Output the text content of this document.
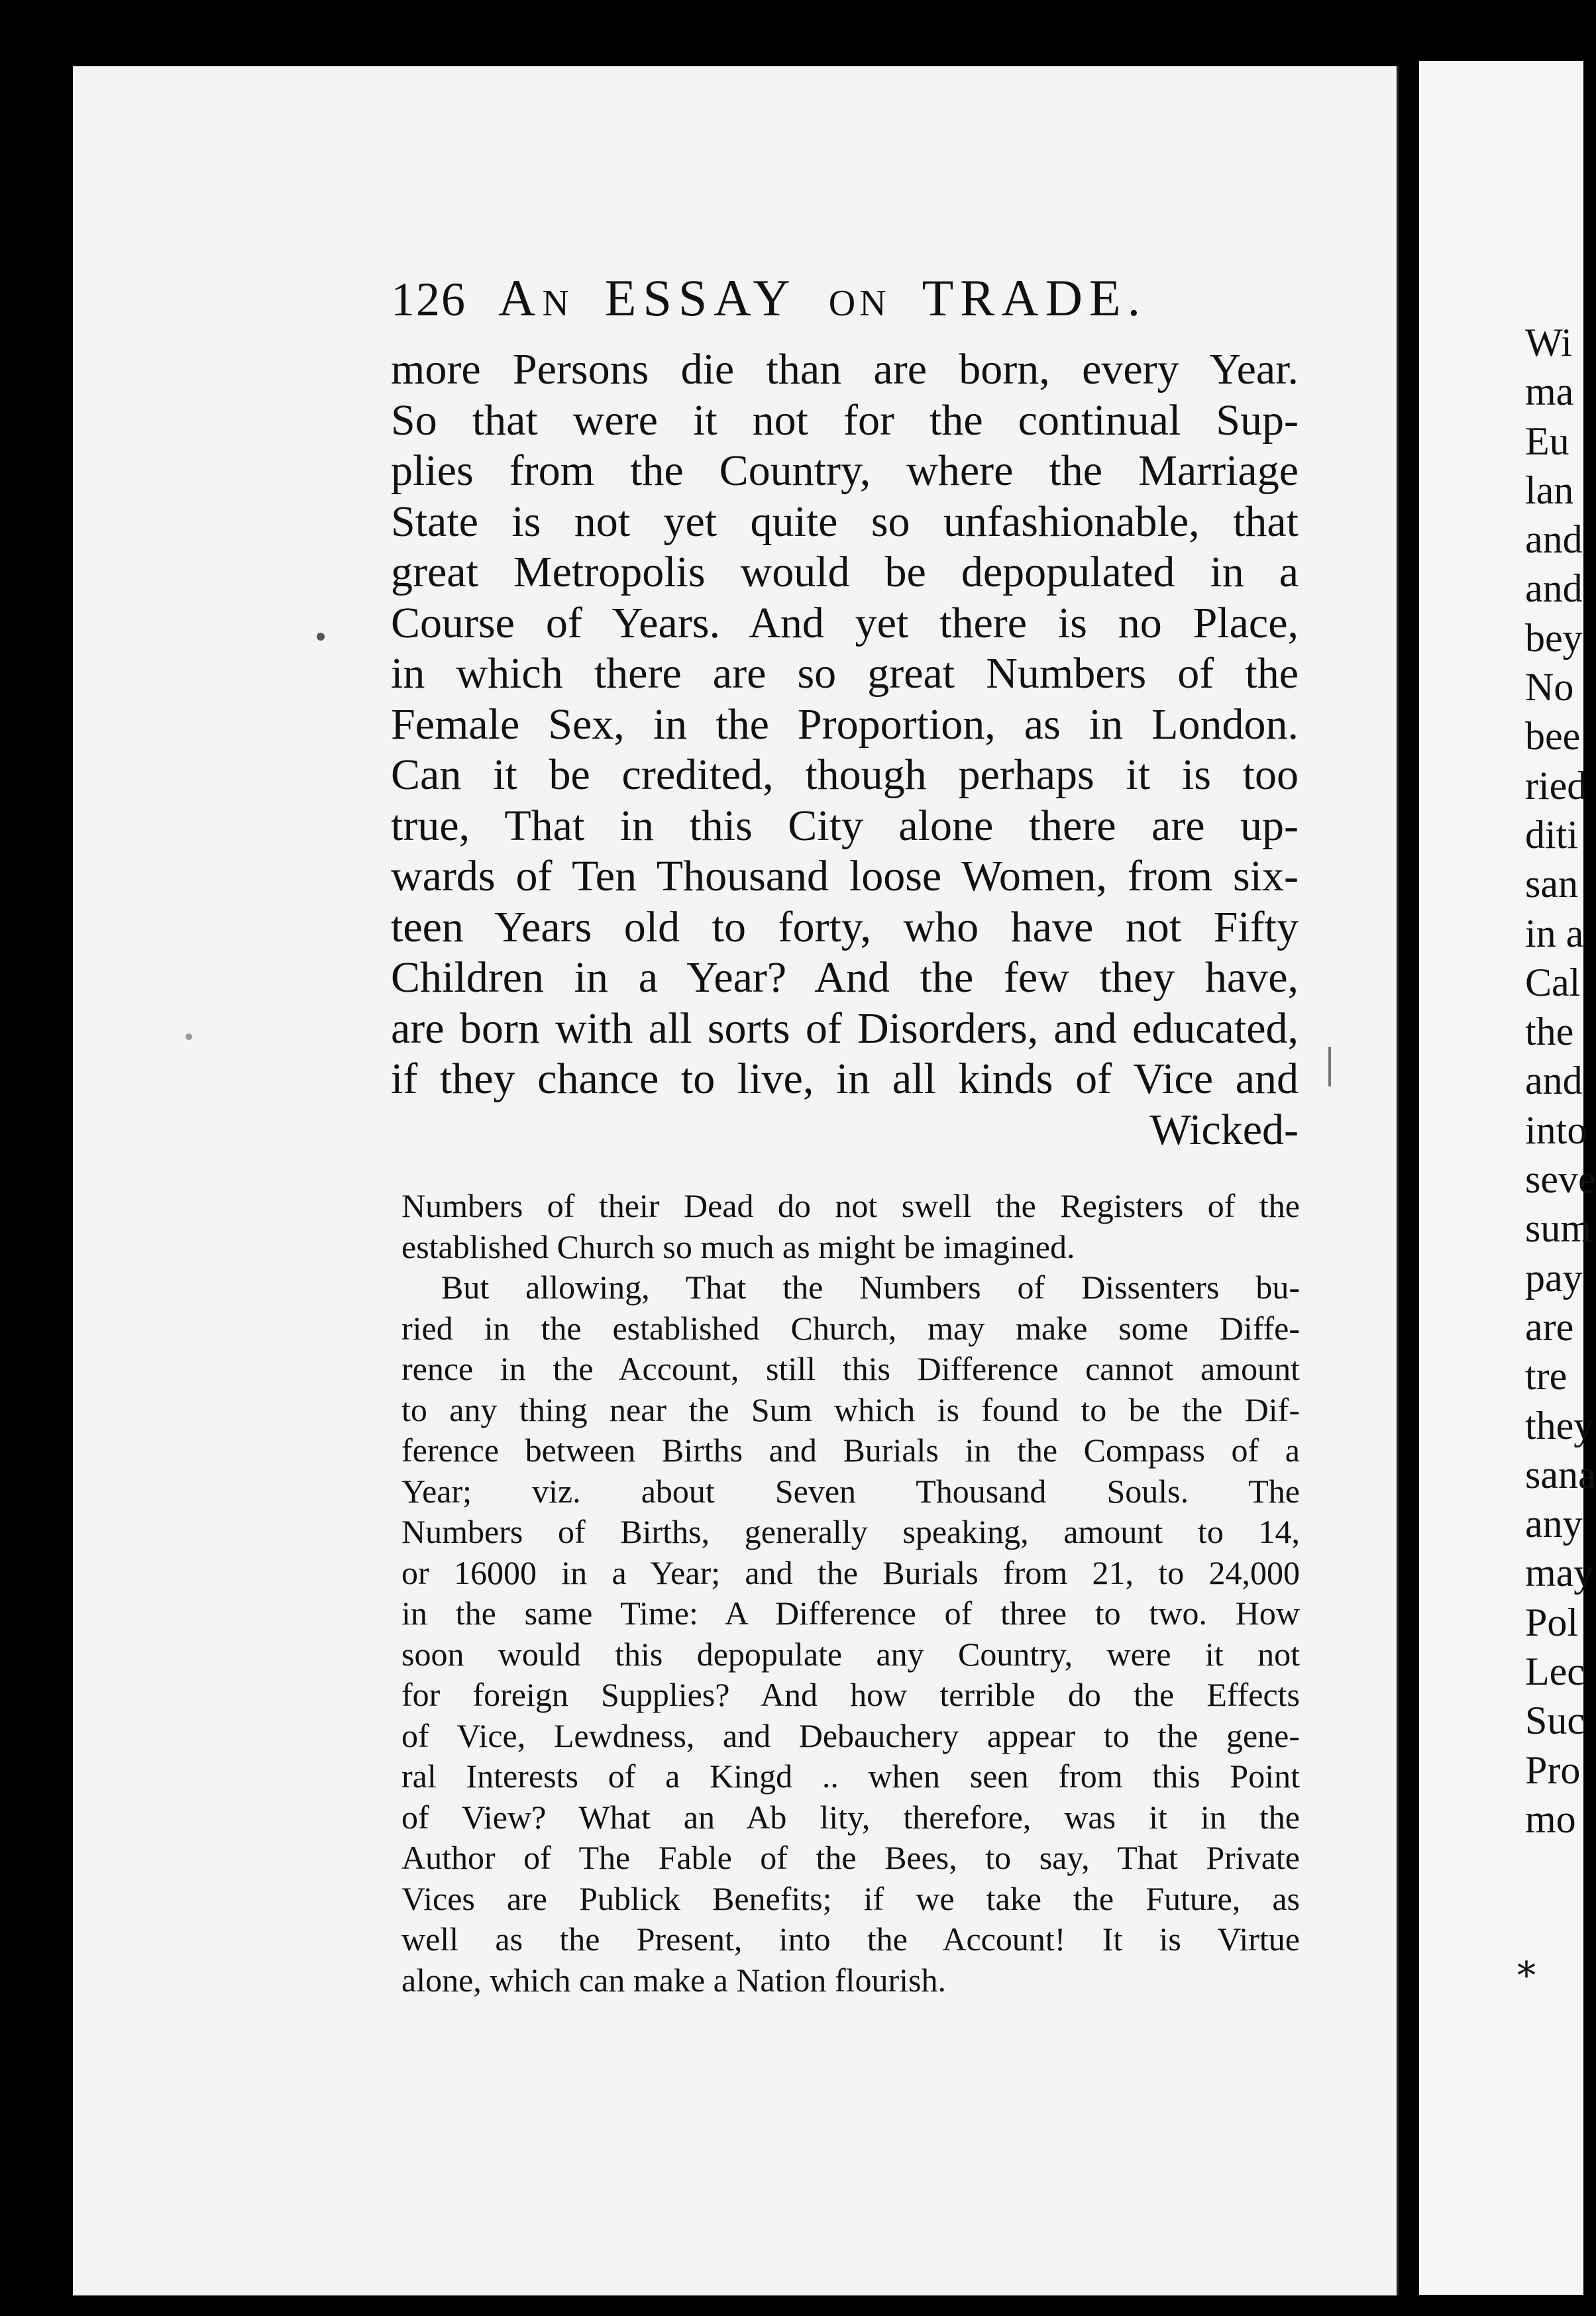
126 AN ESSAY ON TRADE.
more Persons die than are born, every Year.
So that were it not for the continual Sup-
plies from the Country, where the Marriage
State is not yet quite so unfashionable, that
great Metropolis would be depopulated in a
Course of Years. And yet there is no Place,
in which there are so great Numbers of the
Female Sex, in the Proportion, as in London.
Can it be credited, though perhaps it is too
true, That in this City alone there are up-
wards of Ten Thousand loose Women, from six-
teen Years old to forty, who have not Fifty
Children in a Year? And the few they have,
are born with all sorts of Disorders, and educated,
if they chance to live, in all kinds of Vice and
Wicked-
Numbers of their Dead do not swell the Registers of the
established Church so much as might be imagined.
But allowing, That the Numbers of Dissenters bu-
ried in the established Church, may make some Diffe-
rence in the Account, still this Difference cannot amount
to any thing near the Sum which is found to be the Dif-
ference between Births and Burials in the Compass of a
Year; viz. about Seven Thousand Souls. The
Numbers of Births, generally speaking, amount to 14,
or 16000 in a Year; and the Burials from 21, to 24,000
in the same Time: A Difference of three to two. How
soon would this depopulate any Country, were it not
for foreign Supplies? And how terrible do the Effects
of Vice, Lewdness, and Debauchery appear to the gene-
ral Interests of a Kingd .. when seen from this Point
of View? What an Ab lity, therefore, was it in the
Author of The Fable of the Bees, to say, That Private
Vices are Publick Benefits; if we take the Future, as
well as the Present, into the Account! It is Virtue
alone, which can make a Nation flourish.
Wi
ma
Eu
lan
and
and
bey
No
bee
ried
diti
san
in a
Cal
the
and
into
seve
sum
pay
are
tre
they
sana
any
may
Pol
Lec
Suc
Pro
mo
*
